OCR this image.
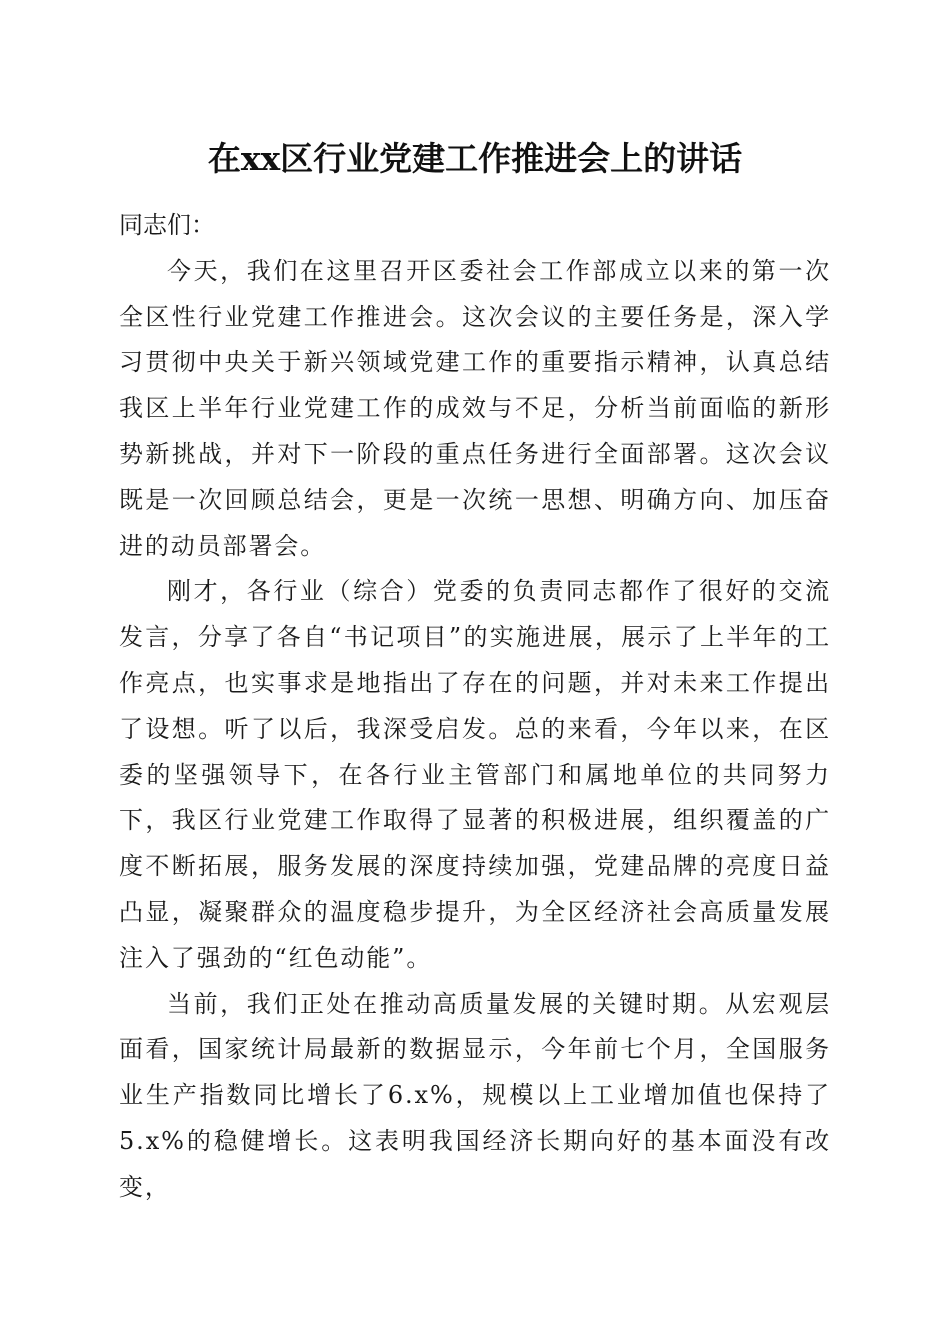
在xx区行业党建工作推进会上的讲话

同志们：

今天，我们在这里召开区委社会工作部成立以来的第一次全区性行业党建工作推进会。这次会议的主要任务是，深入学习贯彻中央关于新兴领域党建工作的重要指示精神，认真总结我区上半年行业党建工作的成效与不足，分析当前面临的新形势新挑战，并对下一阶段的重点任务进行全面部署。这次会议既是一次回顾总结会，更是一次统一思想、明确方向、加压奋进的动员部署会。

刚才，各行业（综合）党委的负责同志都作了很好的交流发言，分享了各自“书记项目”的实施进展，展示了上半年的工作亮点，也实事求是地指出了存在的问题，并对未来工作提出了设想。听了以后，我深受启发。总的来看，今年以来，在区委的坚强领导下，在各行业主管部门和属地单位的共同努力下，我区行业党建工作取得了显著的积极进展，组织覆盖的广度不断拓展，服务发展的深度持续加强，党建品牌的亮度日益凸显，凝聚群众的温度稳步提升，为全区经济社会高质量发展注入了强劲的“红色动能”。

当前，我们正处在推动高质量发展的关键时期。从宏观层面看，国家统计局最新的数据显示，今年前七个月，全国服务业生产指数同比增长了6.x%，规模以上工业增加值也保持了5.x%的稳健增长。这表明我国经济长期向好的基本面没有改变，
